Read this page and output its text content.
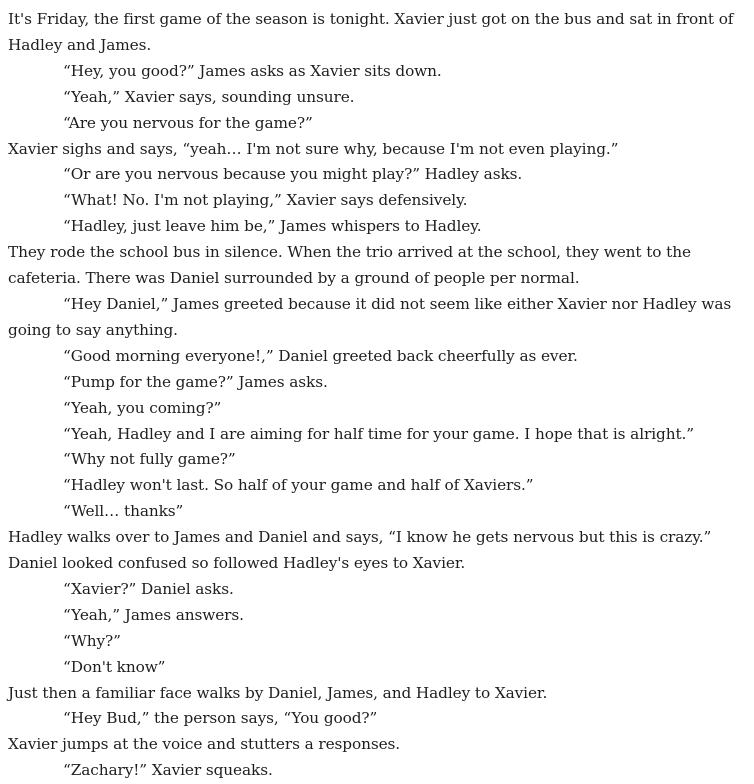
It's Friday, the first game of the season is tonight. Xavier just got on the bus and sat in front of Hadley and James.

“Hey, you good?” James asks as Xavier sits down.

“Yeah,” Xavier says, sounding unsure.

“Are you nervous for the game?”

Xavier sighs and says, “yeah… I'm not sure why, because I'm not even playing.”

“Or are you nervous because you might play?” Hadley asks.

“What! No. I'm not playing,” Xavier says defensively.

“Hadley, just leave him be,” James whispers to Hadley.

They rode the school bus in silence. When the trio arrived at the school, they went to the cafeteria. There was Daniel surrounded by a ground of people per normal.

“Hey Daniel,” James greeted because it did not seem like either Xavier nor Hadley was going to say anything.

“Good morning everyone!,” Daniel greeted back cheerfully as ever.

“Pump for the game?” James asks.

“Yeah, you coming?”

“Yeah, Hadley and I are aiming for half time for your game. I hope that is alright.”

“Why not fully game?”

“Hadley won't last. So half of your game and half of Xaviers.”

“Well… thanks”

Hadley walks over to James and Daniel and says, “I know he gets nervous but this is crazy.” Daniel looked confused so followed Hadley's eyes to Xavier.

“Xavier?” Daniel asks.

“Yeah,” James answers.

“Why?”

“Don't know”

Just then a familiar face walks by Daniel, James, and Hadley to Xavier.

“Hey Bud,” the person says, “You good?”

Xavier jumps at the voice and stutters a responses.

“Zachary!” Xavier squeaks.
